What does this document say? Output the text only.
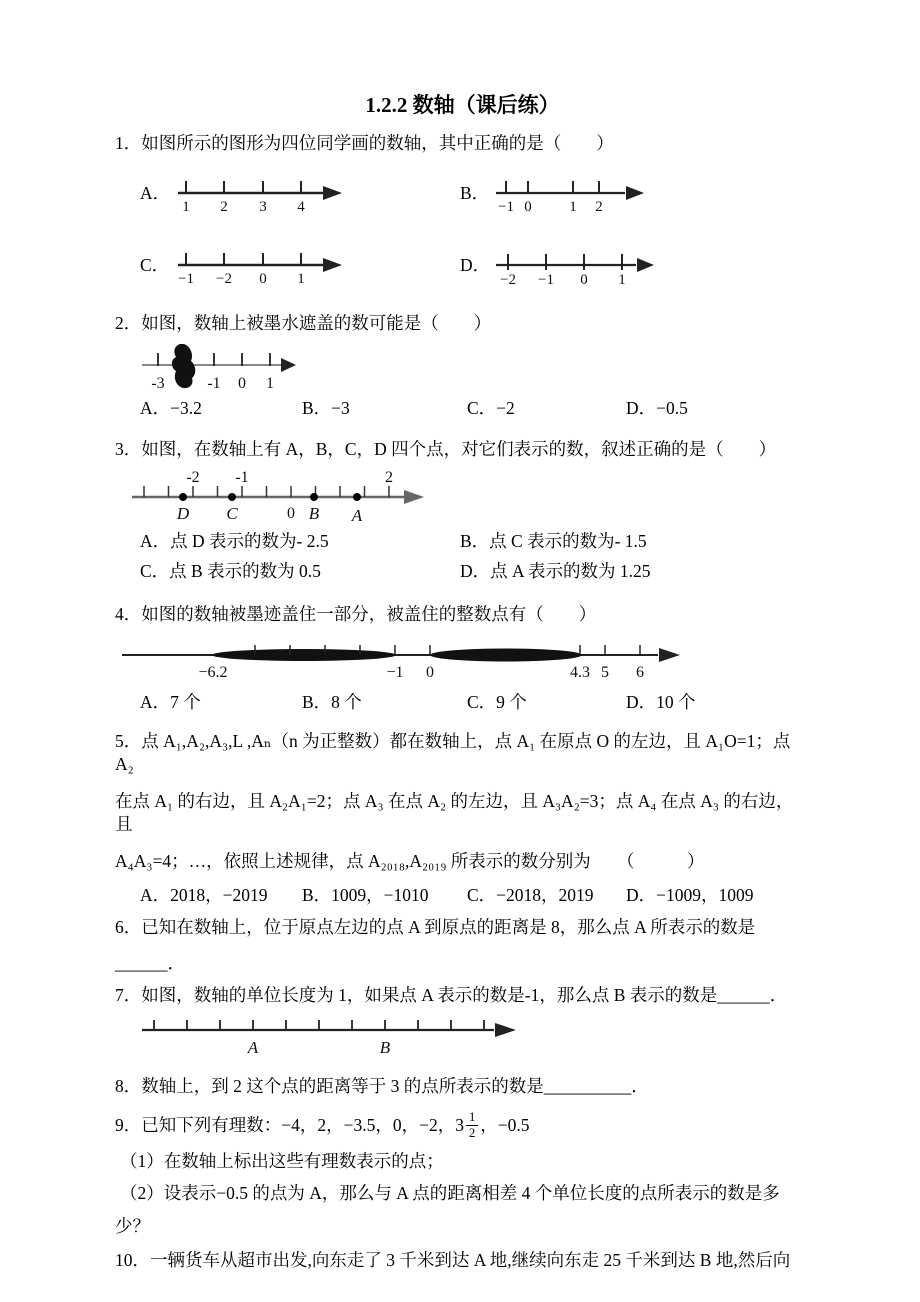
1.2.2 数轴（课后练）

1．如图所示的图形为四位同学画的数轴，其中正确的是（　　）

A．
1 2 3 4
B．
−1 0	1 2
C．
−1 −2 0 1
D．
−2 −1 0 1

2．如图，数轴上被墨水遮盖的数可能是（　　）

-3	-1 0 1
A．−3.2	B．−3	C．−2	D．−0.5

3．如图，在数轴上有 A，B，C，D 四个点，对它们表示的数，叙述正确的是（　　）

-2 -1	2
D C	0 B A
A．点 D 表示的数为- 2.5	B．点 C 表示的数为- 1.5
C．点 B 表示的数为 0.5	D．点 A 表示的数为 1.25

4．如图的数轴被墨迹盖住一部分，被盖住的整数点有（　　）

−6.2	−1 0	4.3 5 6
A．7 个	B．8 个	C．9 个	D．10 个

5．点 A₁,A₂,A₃,L ,Aₙ（n 为正整数）都在数轴上，点 A₁ 在原点 O 的左边，且 A₁O=1；点 A₂

在点 A₁ 的右边，且 A₂A₁=2；点 A₃ 在点 A₂ 的左边，且 A₃A₂=3；点 A₄ 在点 A₃ 的右边，且

A₄A₃=4；…，依照上述规律，点 A₂₀₁₈,A₂₀₁₉ 所表示的数分别为　　（　　　）

A．2018，−2019	B．1009，−1010	C．−2018，2019	D．−1009，1009

6．已知在数轴上，位于原点左边的点 A 到原点的距离是 8，那么点 A 所表示的数是

______．

7．如图，数轴的单位长度为 1，如果点 A 表示的数是-1，那么点 B 表示的数是______．

A	B

8．数轴上，到 2 这个点的距离等于 3 的点所表示的数是__________．

9．已知下列有理数：−4，2，−3.5，0，−2，$3 \frac{1}{2}$ ，−0.5

（1）在数轴上标出这些有理数表示的点；

（2）设表示−0.5 的点为 A，那么与 A 点的距离相差 4 个单位长度的点所表示的数是多

少？

10．一辆货车从超市出发,向东走了 3 千米到达 A 地,继续向东走 25 千米到达 B 地,然后向
